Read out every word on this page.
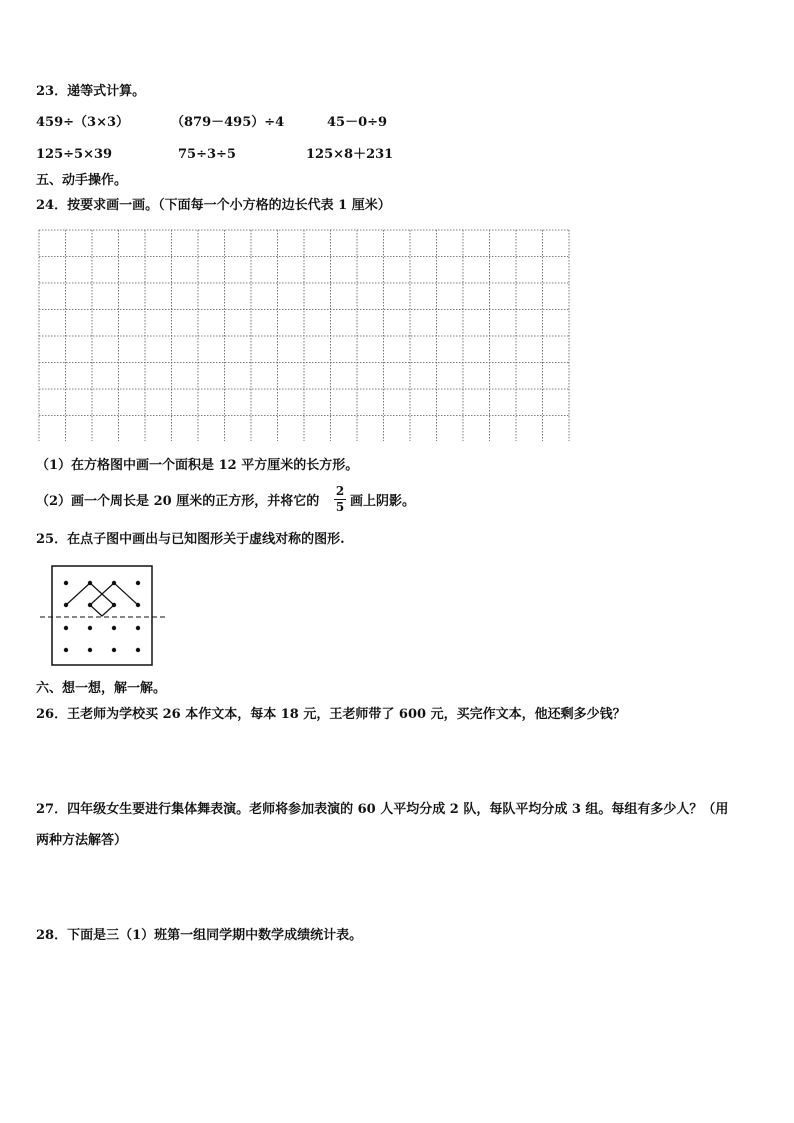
23．递等式计算。
459÷（3×3）	（879－495）÷4	45－0÷9
125÷5×39	75÷3÷5	125×8＋231
五、动手操作。
24．按要求画一画。（下面每一个小方格的边长代表 1 厘米）
（1）在方格图中画一个面积是 12 平方厘米的长方形。
（2）画一个周长是 20 厘米的正方形，并将它的
2
5 画上阴影。
25．在点子图中画出与已知图形关于虚线对称的图形.
六、想一想，解一解。
26．王老师为学校买 26 本作文本，每本 18 元，王老师带了 600 元，买完作文本，他还剩多少钱？
27．四年级女生要进行集体舞表演。老师将参加表演的 60 人平均分成 2 队，每队平均分成 3 组。每组有多少人？（用
两种方法解答）
28．下面是三（1）班第一组同学期中数学成绩统计表。
